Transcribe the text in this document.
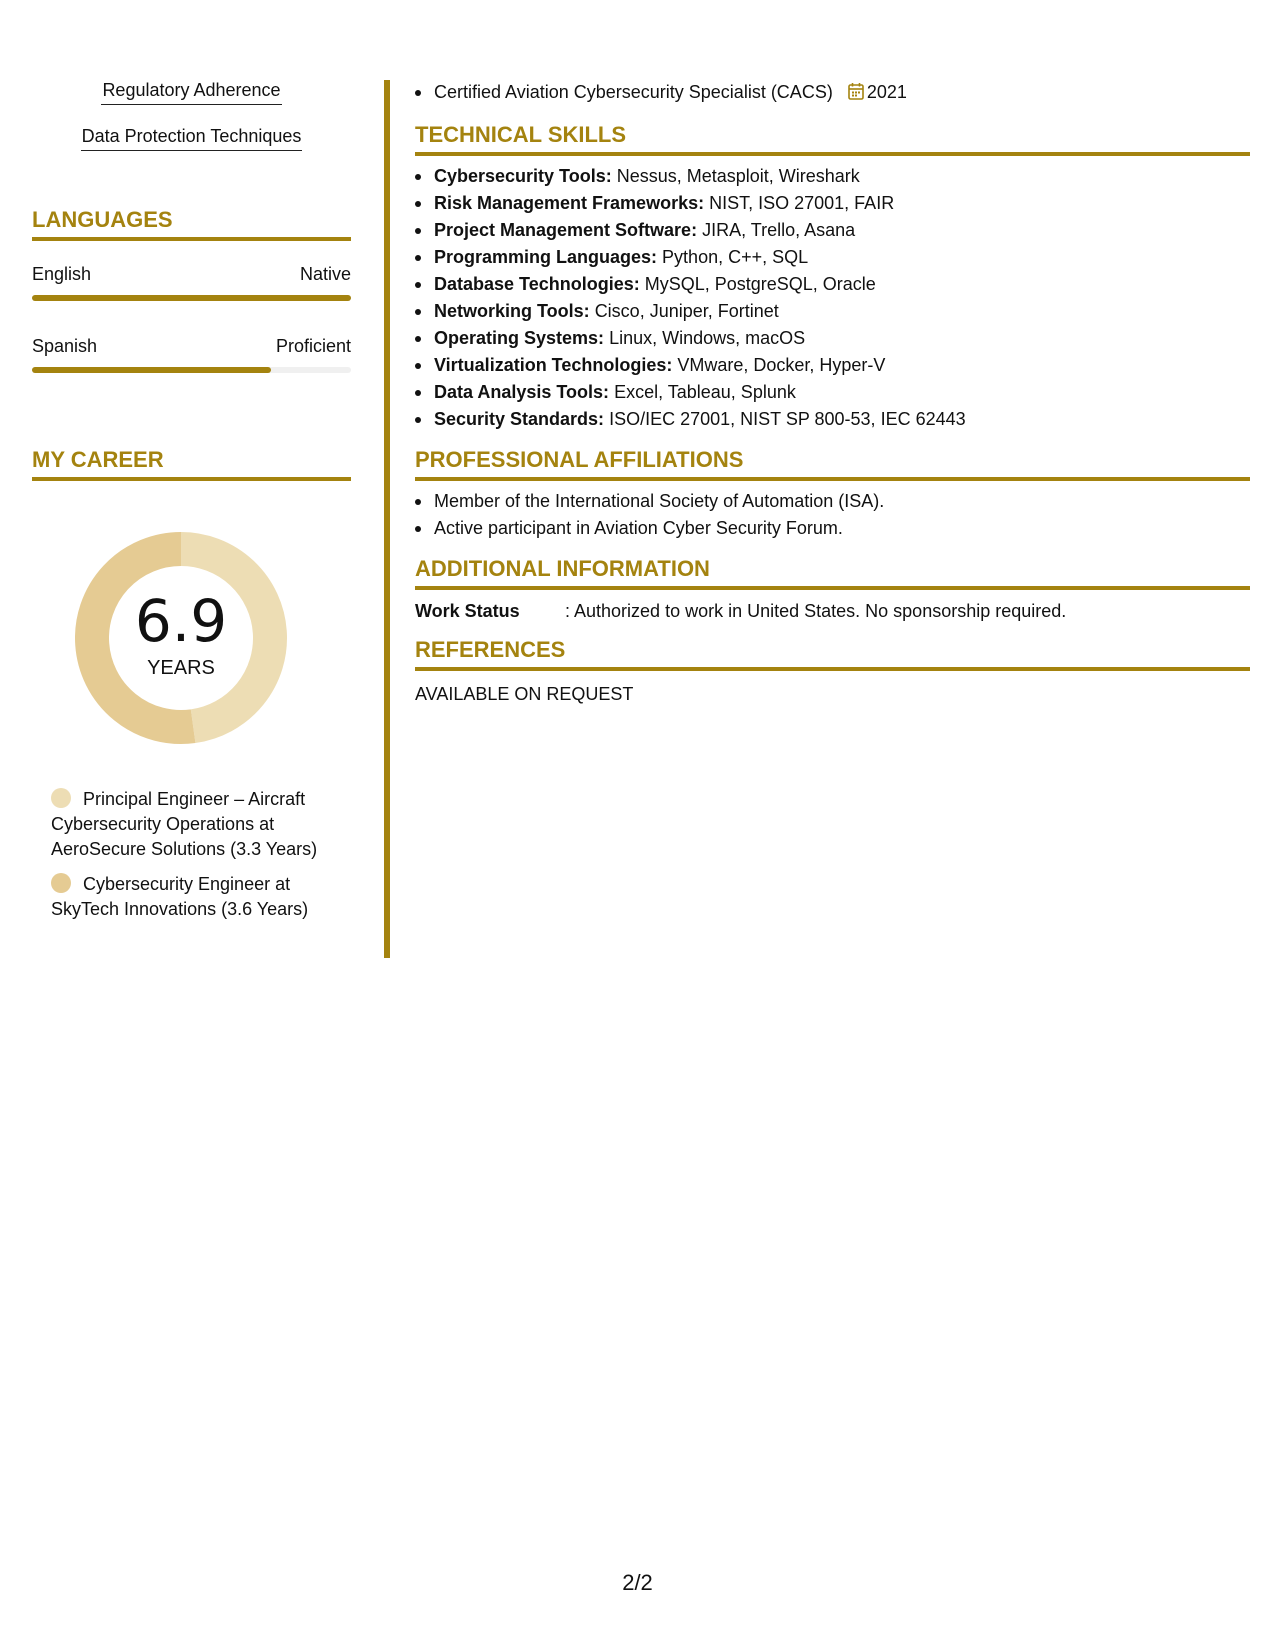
Regulatory Adherence
Data Protection Techniques
LANGUAGES
English	Native
Spanish	Proficient
MY CAREER
6.9
YEARS
Principal Engineer – Aircraft Cybersecurity Operations at AeroSecure Solutions (3.3 Years)
Cybersecurity Engineer at SkyTech Innovations (3.6 Years)
Certified Aviation Cybersecurity Specialist (CACS) 2021
TECHNICAL SKILLS
Cybersecurity Tools: Nessus, Metasploit, Wireshark
Risk Management Frameworks: NIST, ISO 27001, FAIR
Project Management Software: JIRA, Trello, Asana
Programming Languages: Python, C++, SQL
Database Technologies: MySQL, PostgreSQL, Oracle
Networking Tools: Cisco, Juniper, Fortinet
Operating Systems: Linux, Windows, macOS
Virtualization Technologies: VMware, Docker, Hyper-V
Data Analysis Tools: Excel, Tableau, Splunk
Security Standards: ISO/IEC 27001, NIST SP 800-53, IEC 62443
PROFESSIONAL AFFILIATIONS
Member of the International Society of Automation (ISA).
Active participant in Aviation Cyber Security Forum.
ADDITIONAL INFORMATION
Work Status	: Authorized to work in United States. No sponsorship required.
REFERENCES
AVAILABLE ON REQUEST
2/2
